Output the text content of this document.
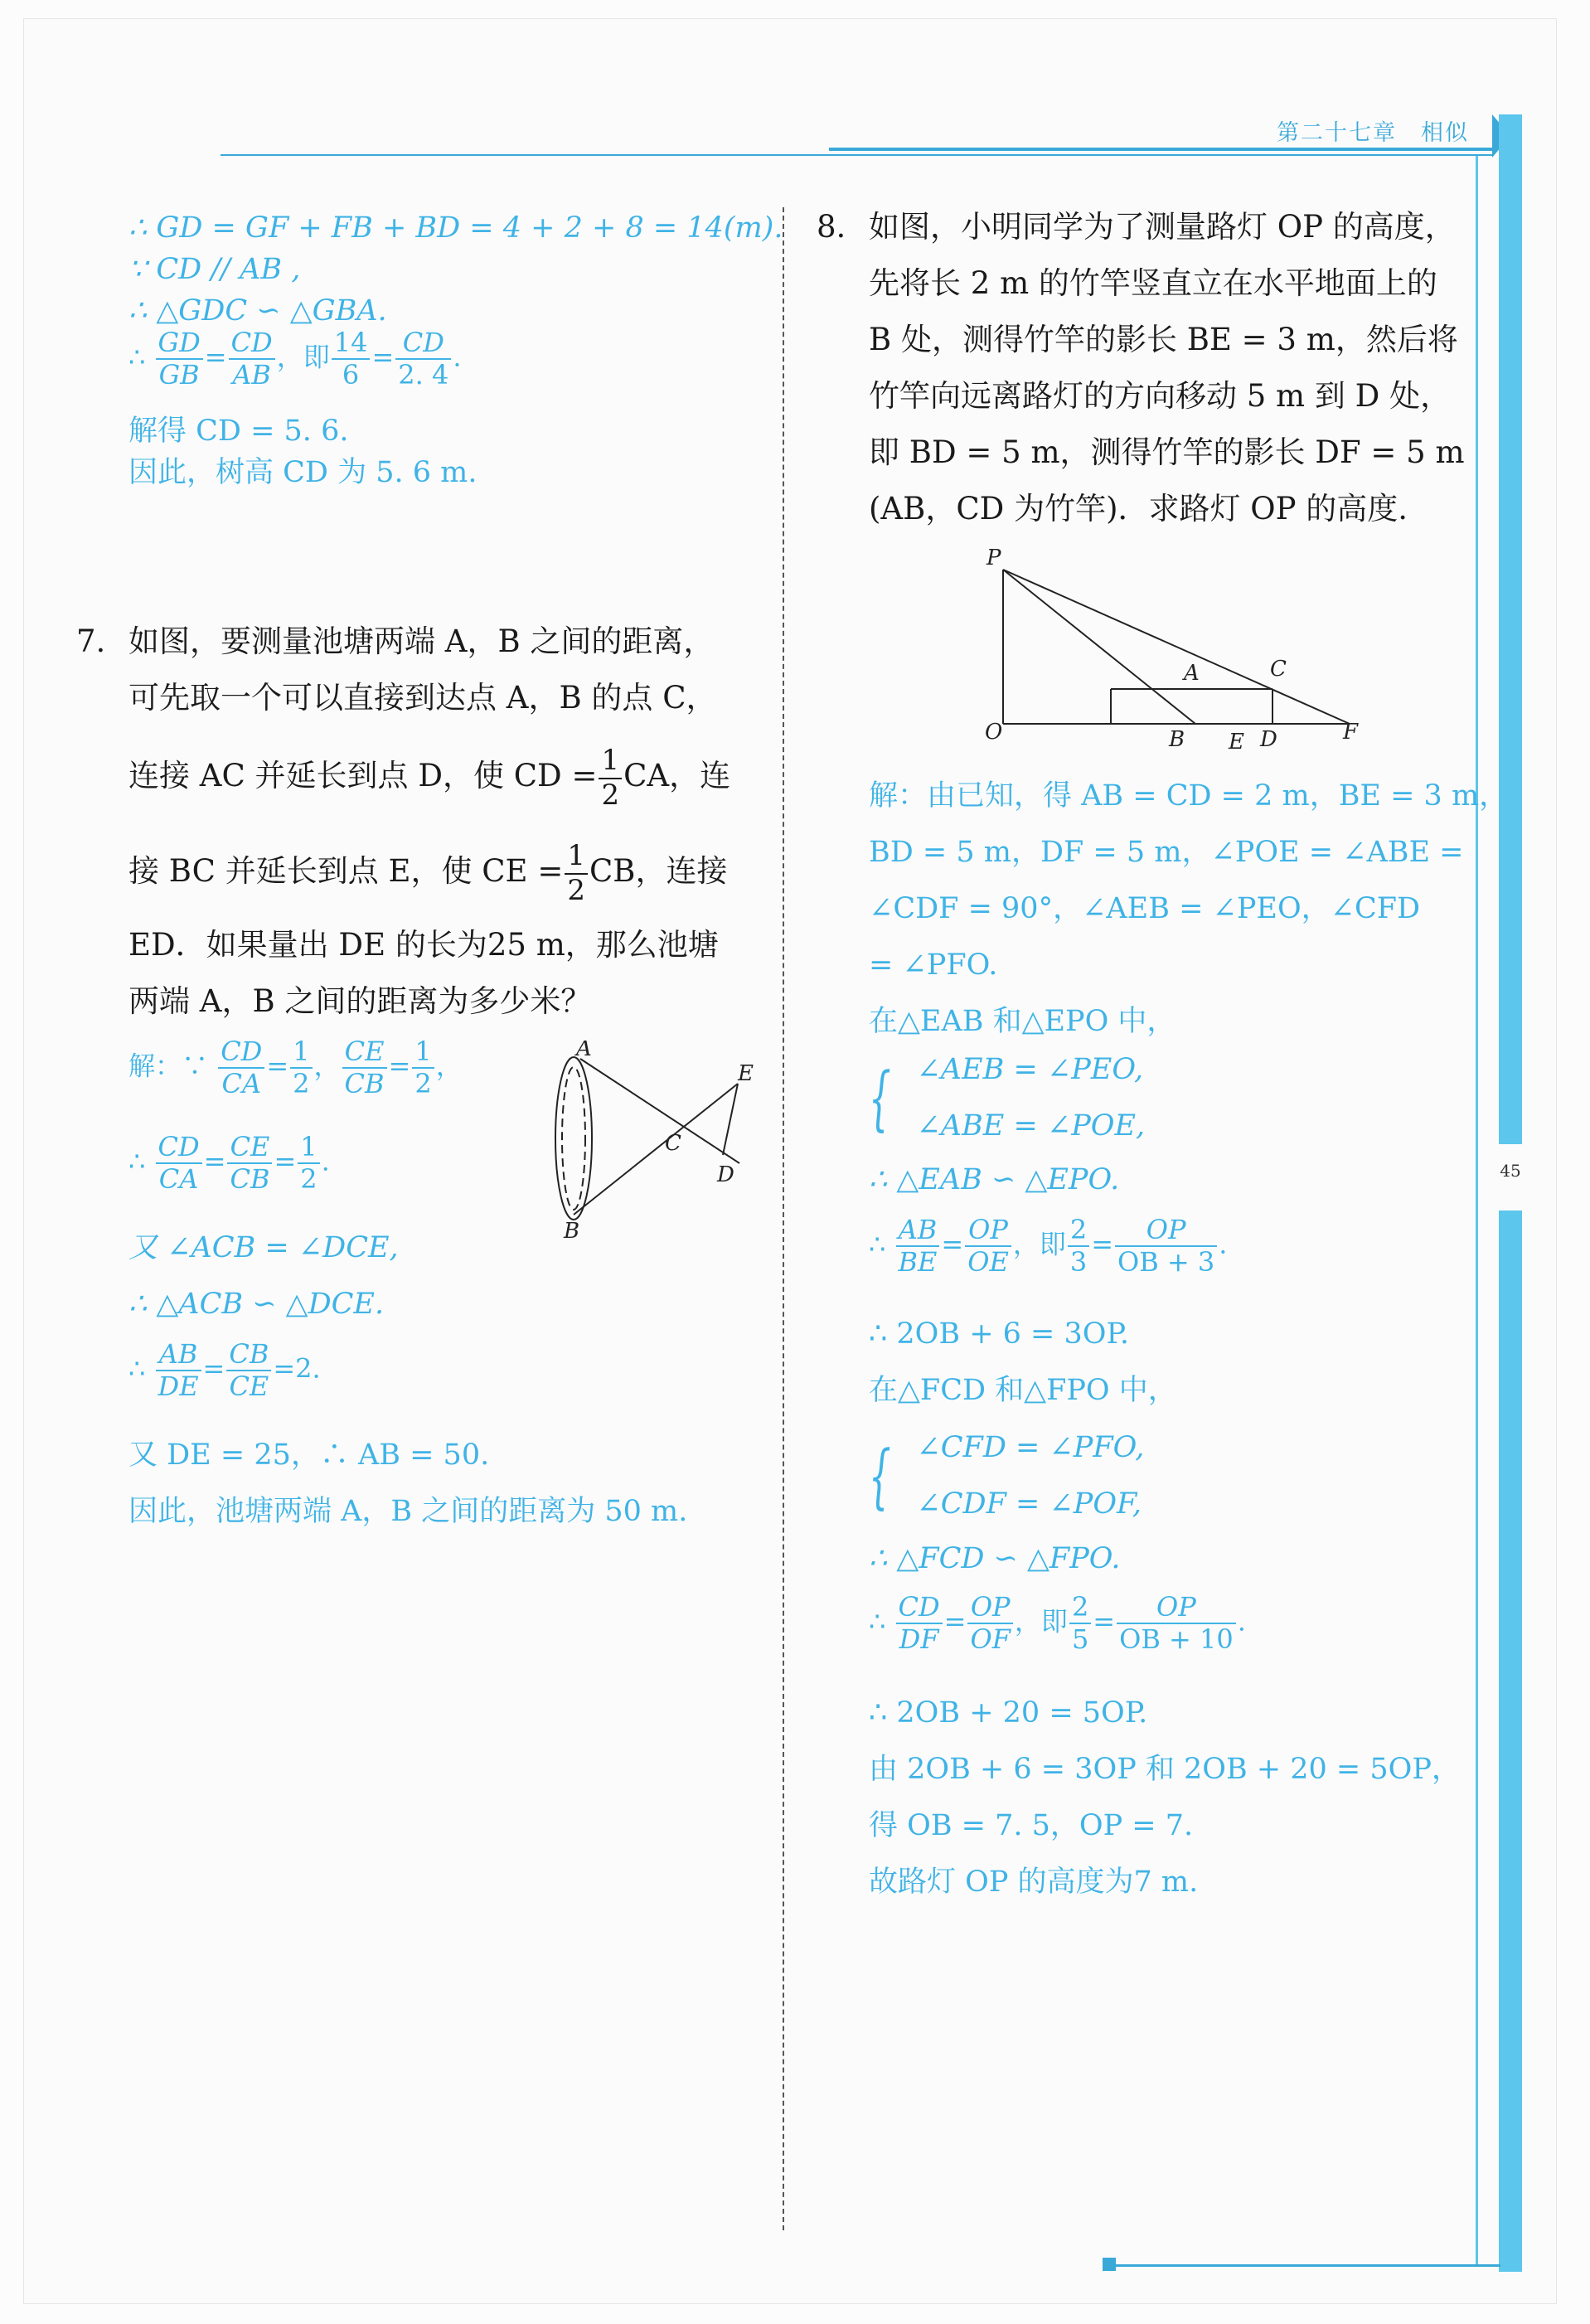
第二十七章　相似
45
∴ GD = GF + FB + BD = 4 + 2 + 8 = 14(m).
∵ CD // AB ,
∴ △GDC ∽ △GBA.
∴ $\frac{GD}{GB} = \frac{CD}{AB}$ ，即 $\frac{14}{6} = \frac{CD}{2. 4}$ .
解得 CD = 5. 6.
因此，树高 CD 为 5. 6 m.
7. 如图，要测量池塘两端 A，B 之间的距离，
可先取一个可以直接到达点 A，B 的点 C，
连接 AC 并延长到点 D，使 CD = $\frac{1}{2}$ CA，连
接 BC 并延长到点 E，使 CE = $\frac{1}{2}$ CB，连接
ED．如果量出 DE 的长为25 m，那么池塘
两端 A，B 之间的距离为多少米？
A
B
C
D
E
解：∵ $\frac{CD}{CA} = \frac{1}{2}$ ， $\frac{CE}{CB} = \frac{1}{2}$ ，
∴ $\frac{CD}{CA} = \frac{CE}{CB} = \frac{1}{2}$ .
又 ∠ACB = ∠DCE,
∴ △ACB ∽ △DCE.
∴ $\frac{AB}{DE} = \frac{CB}{CE} =2$.
又 DE = 25，∴ AB = 50.
因此，池塘两端 A，B 之间的距离为 50 m.
8. 如图，小明同学为了测量路灯 OP 的高度，
先将长 2 m 的竹竿竖直立在水平地面上的
B 处，测得竹竿的影长 BE = 3 m，然后将
竹竿向远离路灯的方向移动 5 m 到 D 处，
即 BD = 5 m，测得竹竿的影长 DF = 5 m
(AB，CD 为竹竿)．求路灯 OP 的高度.
P
O
A
B
C
D
E	F
解：由已知，得 AB = CD = 2 m，BE = 3 m，
BD = 5 m，DF = 5 m，∠POE = ∠ABE =
∠CDF = 90°，∠AEB = ∠PEO，∠CFD
= ∠PFO.
在△EAB 和△EPO 中，
{ ∠AEB = ∠PEO,
∠ABE = ∠POE,
∴ △EAB ∽ △EPO.
∴ $\frac{AB}{BE} = \frac{OP}{OE}$ ，即 $\frac{2}{3} = \frac{OP}{OB + 3}$ .
∴ 2OB + 6 = 3OP.
在△FCD 和△FPO 中，
{ ∠CFD = ∠PFO,
∠CDF = ∠POF,
∴ △FCD ∽ △FPO.
∴ $\frac{CD}{DF} = \frac{OP}{OF}$ ，即 $\frac{2}{5} = \frac{OP}{OB + 10}$ .
∴ 2OB + 20 = 5OP.
由 2OB + 6 = 3OP 和 2OB + 20 = 5OP，
得 OB = 7. 5，OP = 7.
故路灯 OP 的高度为7 m.
